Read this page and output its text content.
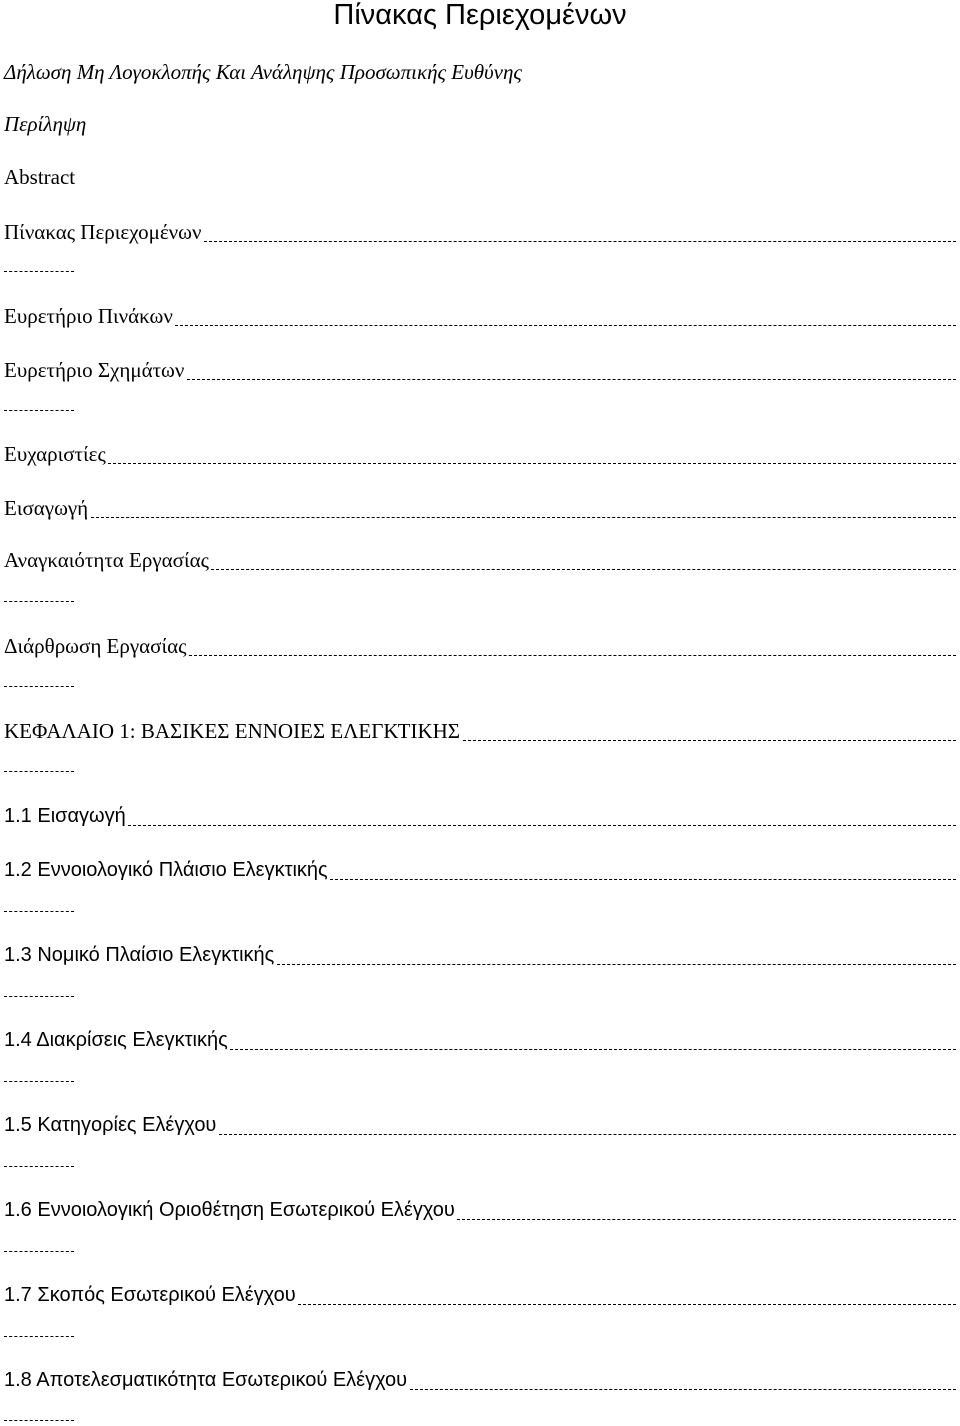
Πίνακας Περιεχομένων
Δήλωση Μη Λογοκλοπής Και Ανάληψης Προσωπικής Ευθύνης
Περίληψη
Abstract
Πίνακας Περιεχομένων
Ευρετήριο Πινάκων
Ευρετήριο Σχημάτων
Ευχαριστίες
Εισαγωγή
Αναγκαιότητα Εργασίας
Διάρθρωση Εργασίας
ΚΕΦΑΛΑΙΟ 1: ΒΑΣΙΚΕΣ ΕΝΝΟΙΕΣ ΕΛΕΓΚΤΙΚΗΣ
1.1 Εισαγωγή
1.2 Εννοιολογικό Πλάισιο Ελεγκτικής
1.3 Νομικό Πλαίσιο Ελεγκτικής
1.4 Διακρίσεις Ελεγκτικής
1.5 Κατηγορίες Ελέγχου
1.6 Εννοιολογική Οριοθέτηση Εσωτερικού Ελέγχου
1.7 Σκοπός Εσωτερικού Ελέγχου
1.8 Αποτελεσματικότητα Εσωτερικού Ελέγχου
